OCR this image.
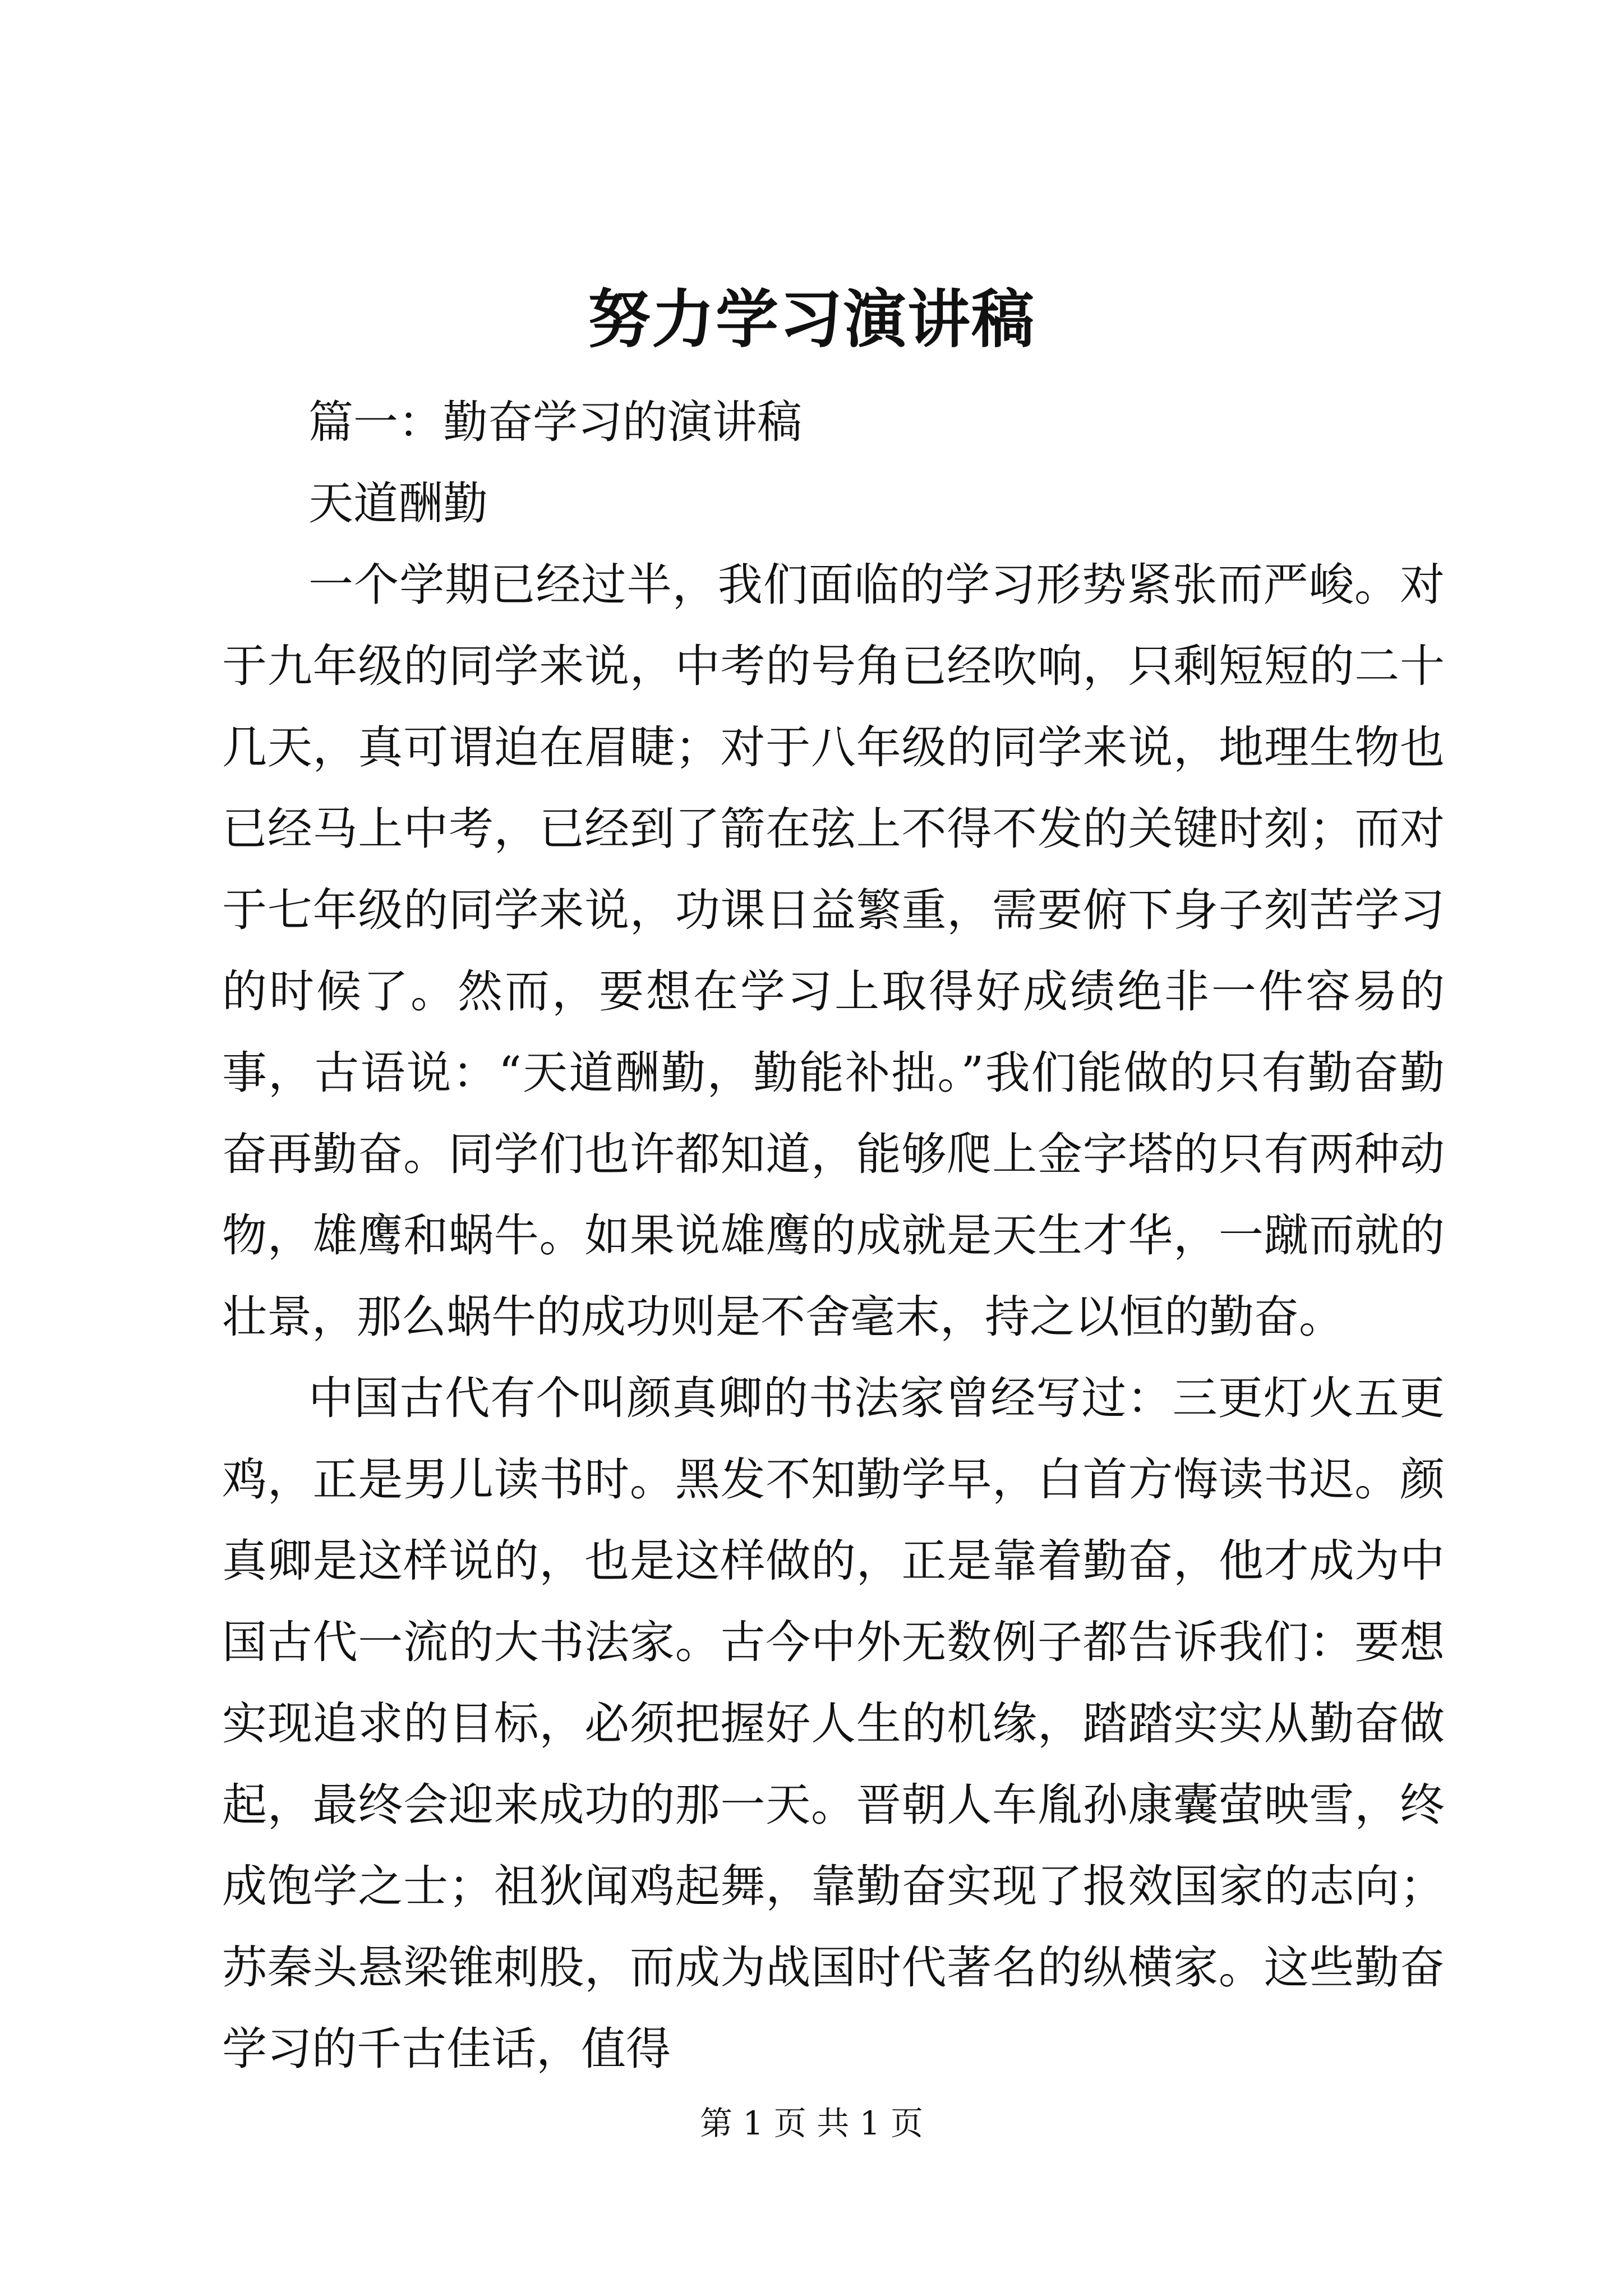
努力学习演讲稿

篇一：勤奋学习的演讲稿

天道酬勤

一个学期已经过半，我们面临的学习形势紧张而严峻。对于九年级的同学来说，中考的号角已经吹响，只剩短短的二十几天，真可谓迫在眉睫；对于八年级的同学来说，地理生物也已经马上中考，已经到了箭在弦上不得不发的关键时刻；而对于七年级的同学来说，功课日益繁重，需要俯下身子刻苦学习的时候了。然而，要想在学习上取得好成绩绝非一件容易的事，古语说：“天道酬勤，勤能补拙。”我们能做的只有勤奋勤奋再勤奋。同学们也许都知道，能够爬上金字塔的只有两种动物，雄鹰和蜗牛。如果说雄鹰的成就是天生才华，一蹴而就的壮景，那么蜗牛的成功则是不舍毫末，持之以恒的勤奋。

中国古代有个叫颜真卿的书法家曾经写过：三更灯火五更鸡，正是男儿读书时。黑发不知勤学早，白首方悔读书迟。颜真卿是这样说的，也是这样做的，正是靠着勤奋，他才成为中国古代一流的大书法家。古今中外无数例子都告诉我们：要想实现追求的目标，必须把握好人生的机缘，踏踏实实从勤奋做起，最终会迎来成功的那一天。晋朝人车胤孙康囊萤映雪，终成饱学之士；祖狄闻鸡起舞，靠勤奋实现了报效国家的志向；苏秦头悬梁锥刺股，而成为战国时代著名的纵横家。这些勤奋学习的千古佳话，值得

第 1 页 共 1 页
